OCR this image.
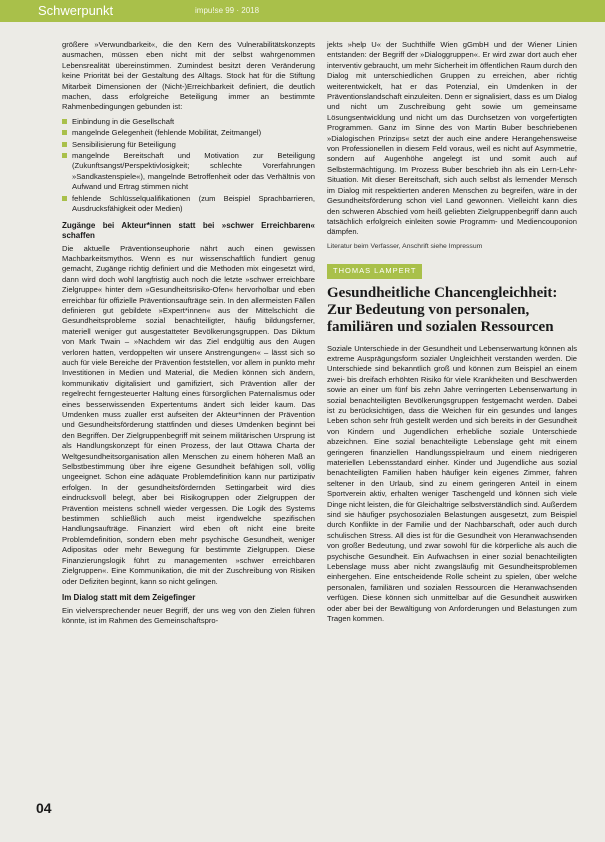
Schwerpunkt	impu!se 99 · 2018

größere »Verwundbarkeit«, die den Kern des Vulnerabilitätskonzepts ausmachen, müssen eben nicht mit der selbst wahrgenommen Lebensrealität übereinstimmen. Zumindest besitzt deren Veränderung keine Priorität bei der Gestaltung des Alltags. Stock hat für die Stiftung Mitarbeit Dimensionen der (Nicht-)Erreichbarkeit definiert, die deutlich machen, dass erfolgreiche Beteiligung immer an bestimmte Rahmenbedingungen gebunden ist:

Einbindung in die Gesellschaft
mangelnde Gelegenheit (fehlende Mobilität, Zeitmangel)
Sensibilisierung für Beteiligung
mangelnde Bereitschaft und Motivation zur Beteiligung (Zukunftsangst/Perspektivlosigkeit; schlechte Vorerfahrungen »Sandkastenspiele«), mangelnde Betroffenheit oder das Verhältnis von Aufwand und Ertrag stimmen nicht
fehlende Schlüsselqualifikationen (zum Beispiel Sprachbarrieren, Ausdrucksfähigkeit oder Medien)
Zugänge bei Akteur*innen statt bei »schwer Erreichbaren« schaffen

Die aktuelle Präventionseuphorie nährt auch einen gewissen Machbarkeitsmythos. Wenn es nur wissenschaftlich fundiert genug gemacht, Zugänge richtig definiert und die Methoden mix eingesetzt wird, dann wird doch wohl langfristig auch noch die letzte »schwer erreichbare Zielgruppe« hinter dem »Gesundheitsrisiko-Ofen« hervorholbar und eben erreichbar für offizielle Präventionsaufträge sein. In den allermeisten Fällen definieren gut gebildete »Expert*innen« aus der Mittelschicht die Gesundheitsprobleme sozial benachteiligter, häufig bildungsferner, materiell weniger gut ausgestatteter Bevölkerungsgruppen. Das Diktum von Mark Twain – »Nachdem wir das Ziel endgültig aus den Augen verloren hatten, verdoppelten wir unsere Anstrengungen« – lässt sich so auch für viele Bereiche der Prävention feststellen, vor allem in punkto mehr Investitionen in Medien und Material, die Medien können sich ändern, kommunikativ digitalisiert und gamifiziert, sich Prävention aller der regelrecht ferngesteuerter Haltung eines fürsorglichen Paternalismus oder eines besserwissenden Expertentums ändert sich leider kaum. Das Umdenken muss zualler erst aufseiten der Akteur*innen der Prävention und Gesundheitsförderung stattfinden und dieses Umdenken beginnt bei den Begriffen. Der Zielgruppenbegriff mit seinem militärischen Ursprung ist als Handlungskonzept für einen Prozess, der laut Ottawa Charta der Weltgesundheitsorganisation allen Menschen zu einem höheren Maß an Selbstbestimmung über ihre eigene Gesundheit befähigen soll, völlig ungeeignet. Schon eine adäquate Problemdefinition kann nur partizipativ erfolgen. In der gesundheitsfördernden Settingarbeit wird dies eindrucksvoll belegt, aber bei Risikogruppen oder Zielgruppen der Prävention meistens schnell wieder vergessen. Die Logik des Systems bestimmen schließlich auch meist irgendwelche spezifischen Handlungsaufträge. Finanziert wird eben oft nicht eine breite Problemdefinition, sondern eben mehr psychische Gesundheit, weniger Adipositas oder mehr Bewegung für bestimmte Zielgruppen. Diese Finanzierungslogik führt zu managementen »schwer erreichbaren Zielgruppen«. Eine Kommunikation, die mit der Zuschreibung von Risiken oder Defiziten beginnt, kann so nicht gelingen.

Im Dialog statt mit dem Zeigefinger

Ein vielversprechender neuer Begriff, der uns weg von den Zielen führen könnte, ist im Rahmen des Gemeinschaftspro-

jekts »help U« der Suchthilfe Wien gGmbH und der Wiener Linien entstanden: der Begriff der »Dialoggruppen«. Er wird zwar dort auch eher interventiv gebraucht, um mehr Sicherheit im öffentlichen Raum durch den Dialog mit unterschiedlichen Gruppen zu erreichen, aber richtig weiterentwickelt, hat er das Potenzial, ein Umdenken in der Präventionslandschaft einzuleiten. Denn er signalisiert, dass es um Dialog und nicht um Zuschreibung geht sowie um gemeinsame Lösungsentwicklung und nicht um das Durchsetzen von vorgefertigten Programmen. Ganz im Sinne des von Martin Buber beschriebenen »Dialogischen Prinzips« setzt der auch eine andere Herangehensweise von Professionellen in diesem Feld voraus, weil es nicht auf Asymmetrie, sondern auf Augenhöhe angelegt ist und somit auch auf Selbstermächtigung. Im Prozess Buber beschrieb ihn als ein Lern-Lehr-Situation. Mit dieser Bereitschaft, sich auch selbst als lernender Mensch im Dialog mit respektierten anderen Menschen zu begreifen, wäre in der Gesundheitsförderung schon viel Land gewonnen. Vielleicht kann dies den schweren Abschied vom heiß geliebten Zielgruppenbegriff dann auch tatsächlich erfolgreich einleiten sowie Programm- und Mediencouponion dämpfen.

Literatur beim Verfasser, Anschrift siehe Impressum
THOMAS LAMPERT
Gesundheitliche Chancengleichheit: Zur Bedeutung von personalen, familiären und sozialen Ressourcen

Soziale Unterschiede in der Gesundheit und Lebenserwartung können als extreme Ausprägungsform sozialer Ungleichheit verstanden werden. Die Unterschiede sind bekanntlich groß und können zum Beispiel an einem zwei- bis dreifach erhöhten Risiko für viele Krankheiten und Beschwerden sowie an einer um fünf bis zehn Jahre verringerten Lebenserwartung in sozial benachteiligten Bevölkerungsgruppen festgemacht werden. Dabei ist zu berücksichtigen, dass die Weichen für ein gesundes und langes Leben schon sehr früh gestellt werden und sich bereits in der Gesundheit von Kindern und Jugendlichen erhebliche soziale Unterschiede abzeichnen. Eine sozial benachteiligte Lebenslage geht mit einem geringeren finanziellen Handlungsspielraum und einem niedrigeren materiellen Lebensstandard einher. Kinder und Jugendliche aus sozial benachteiligten Familien haben häufiger kein eigenes Zimmer, fahren seltener in den Urlaub, sind zu einem geringeren Anteil in einem Sportverein aktiv, erhalten weniger Taschengeld und können sich viele Dinge nicht leisten, die für Gleichaltrige selbstverständlich sind. Außerdem sind sie häufiger psychosozialen Belastungen ausgesetzt, zum Beispiel durch Konflikte in der Familie und der Nachbarschaft, oder auch durch schulischen Stress. All dies ist für die Gesundheit von Heranwachsenden von großer Bedeutung, und zwar sowohl für die körperliche als auch die psychische Gesundheit. Ein Aufwachsen in einer sozial benachteiligten Lebenslage muss aber nicht zwangsläufig mit Gesundheitsproblemen einhergehen. Eine entscheidende Rolle scheint zu spielen, über welche personalen, familiären und sozialen Ressourcen die Heranwachsenden verfügen. Diese können sich unmittelbar auf die Gesundheit auswirken oder aber bei der Bewältigung von Anforderungen und Belastungen zum Tragen kommen.

04
